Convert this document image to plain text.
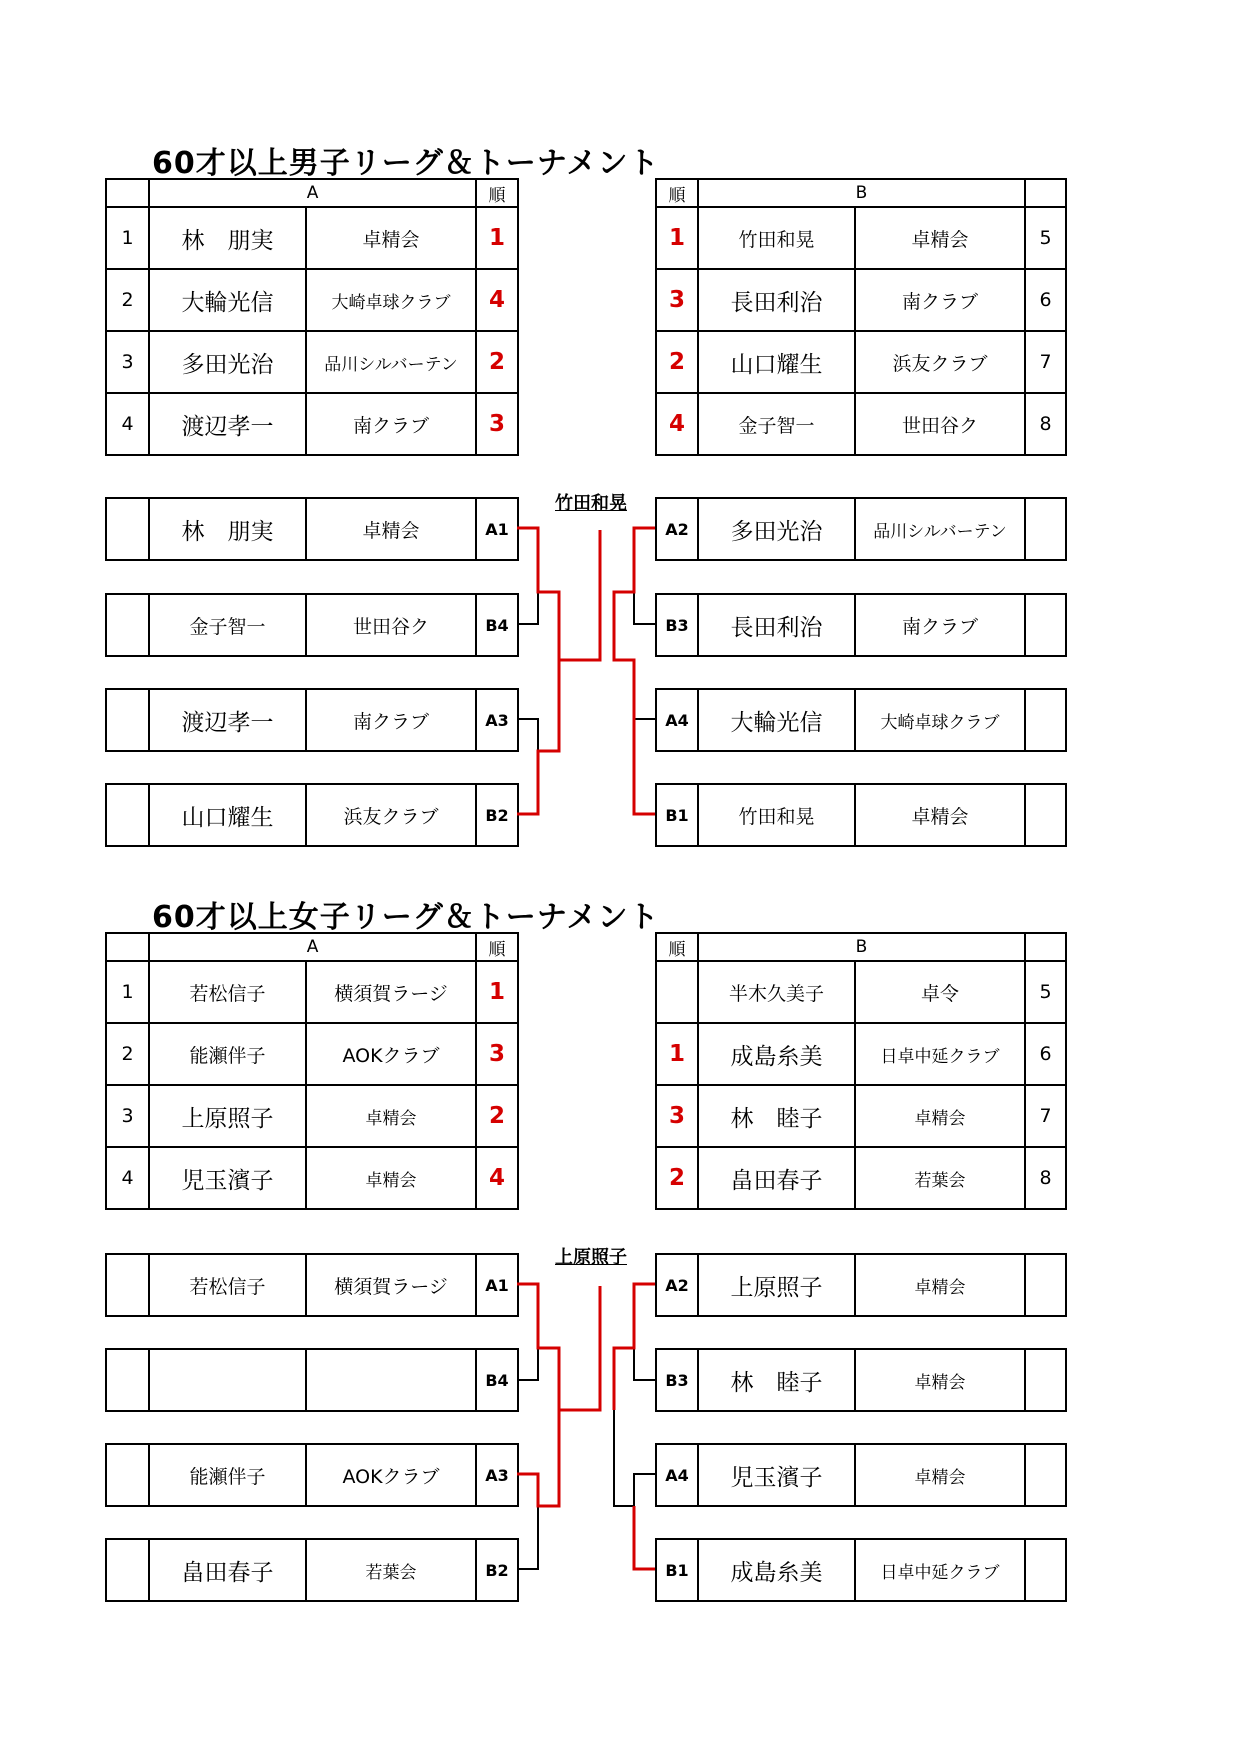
60才以上男子リーグ＆トーナメント
	A		順
1	林　朋実	卓精会	1
2	大輪光信	大崎卓球クラブ	4
3	多田光治	品川シルバーテン	2
4	渡辺孝一	南クラブ	3
順	B		
1	竹田和晃	卓精会	5
3	長田利治	南クラブ	6
2	山口耀生	浜友クラブ	7
4	金子智一	世田谷ク	8
竹田和晃
	林　朋実	卓精会	A1
	金子智一	世田谷ク	B4
	渡辺孝一	南クラブ	A3
	山口耀生	浜友クラブ	B2
A2	多田光治	品川シルバーテン	
B3	長田利治	南クラブ	
A4	大輪光信	大崎卓球クラブ	
B1	竹田和晃	卓精会	
60才以上女子リーグ＆トーナメント
	A		順
1	若松信子	横須賀ラージ	1
2	能瀬伴子	AOKクラブ	3
3	上原照子	卓精会	2
4	児玉濱子	卓精会	4
順	B		
	半木久美子	卓令	5
1	成島糸美	日卓中延クラブ	6
3	林　睦子	卓精会	7
2	畠田春子	若葉会	8
上原照子
	若松信子	横須賀ラージ	A1
			B4
	能瀬伴子	AOKクラブ	A3
	畠田春子	若葉会	B2
A2	上原照子	卓精会	
B3	林　睦子	卓精会	
A4	児玉濱子	卓精会	
B1	成島糸美	日卓中延クラブ	
